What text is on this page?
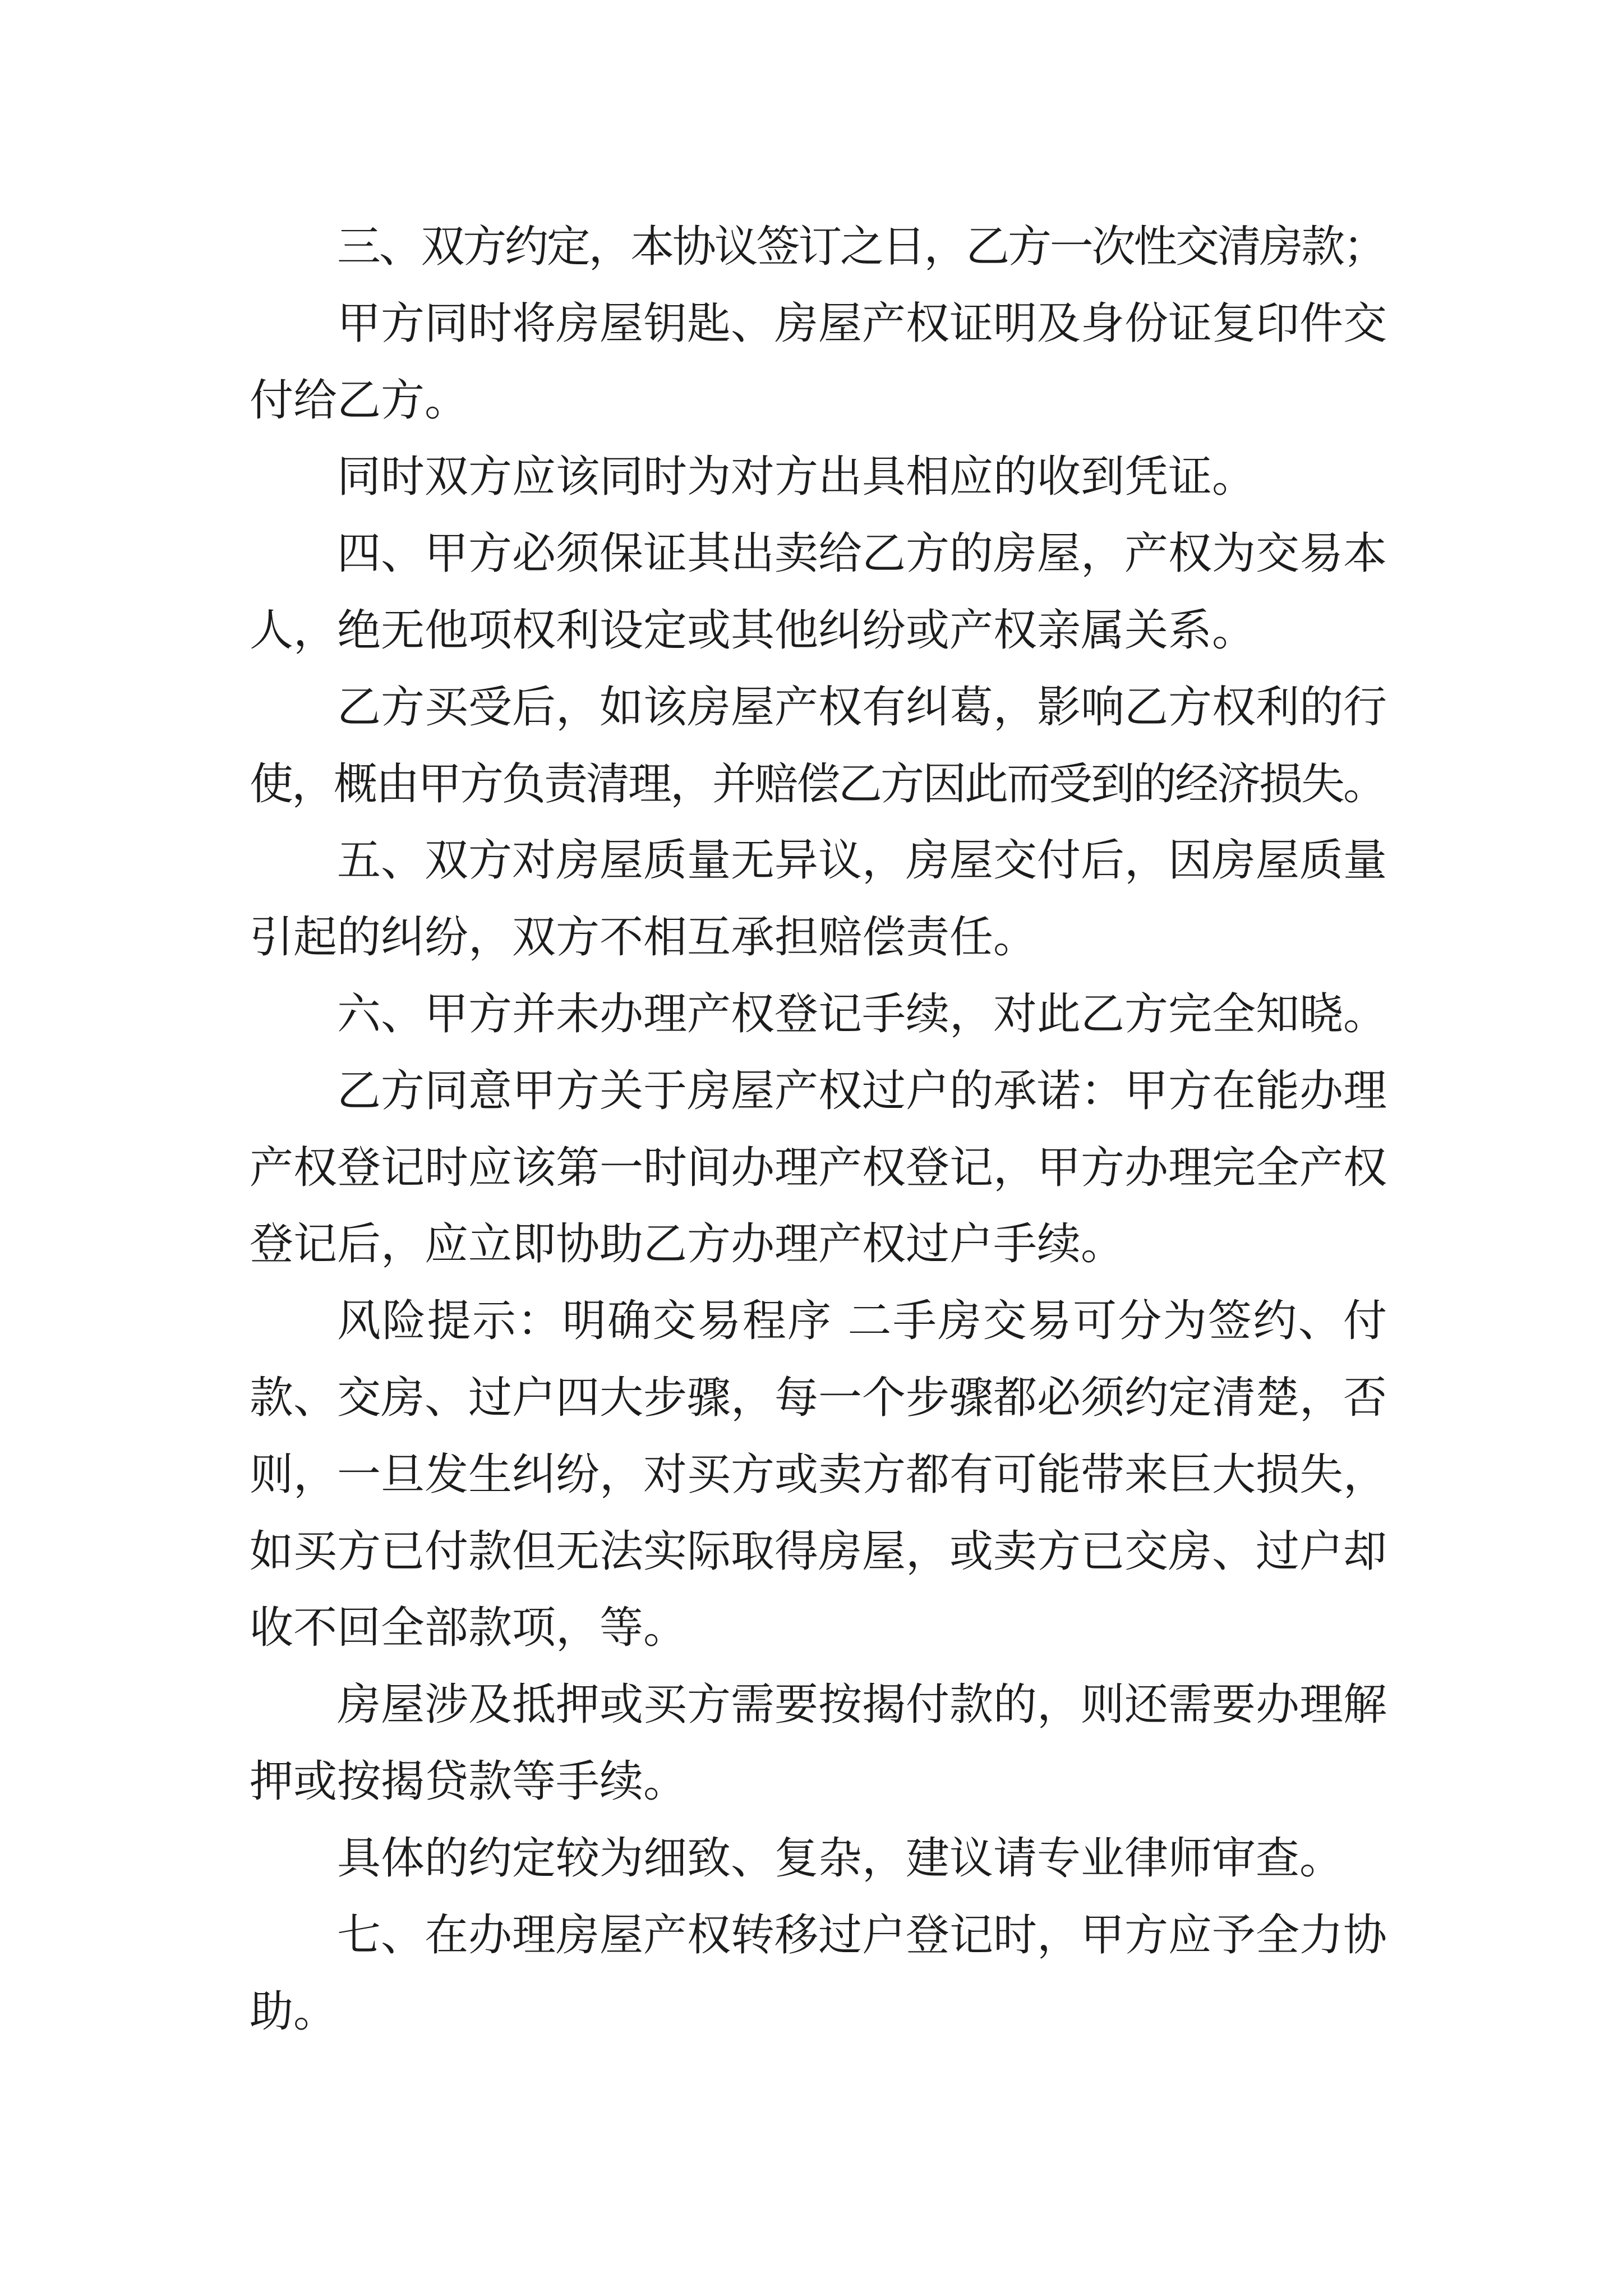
三、双方约定，本协议签订之日，乙方一次性交清房款；
甲方同时将房屋钥匙、房屋产权证明及身份证复印件交
付给乙方。
同时双方应该同时为对方出具相应的收到凭证。
四、甲方必须保证其出卖给乙方的房屋，产权为交易本
人，绝无他项权利设定或其他纠纷或产权亲属关系。
乙方买受后，如该房屋产权有纠葛，影响乙方权利的行
使，概由甲方负责清理，并赔偿乙方因此而受到的经济损失。
五、双方对房屋质量无异议，房屋交付后，因房屋质量
引起的纠纷，双方不相互承担赔偿责任。
六、甲方并未办理产权登记手续，对此乙方完全知晓。
乙方同意甲方关于房屋产权过户的承诺：甲方在能办理
产权登记时应该第一时间办理产权登记，甲方办理完全产权
登记后，应立即协助乙方办理产权过户手续。
风险提示：明确交易程序 二手房交易可分为签约、付
款、交房、过户四大步骤，每一个步骤都必须约定清楚，否
则，一旦发生纠纷，对买方或卖方都有可能带来巨大损失，
如买方已付款但无法实际取得房屋，或卖方已交房、过户却
收不回全部款项，等。
房屋涉及抵押或买方需要按揭付款的，则还需要办理解
押或按揭贷款等手续。
具体的约定较为细致、复杂，建议请专业律师审查。
七、在办理房屋产权转移过户登记时，甲方应予全力协
助。
